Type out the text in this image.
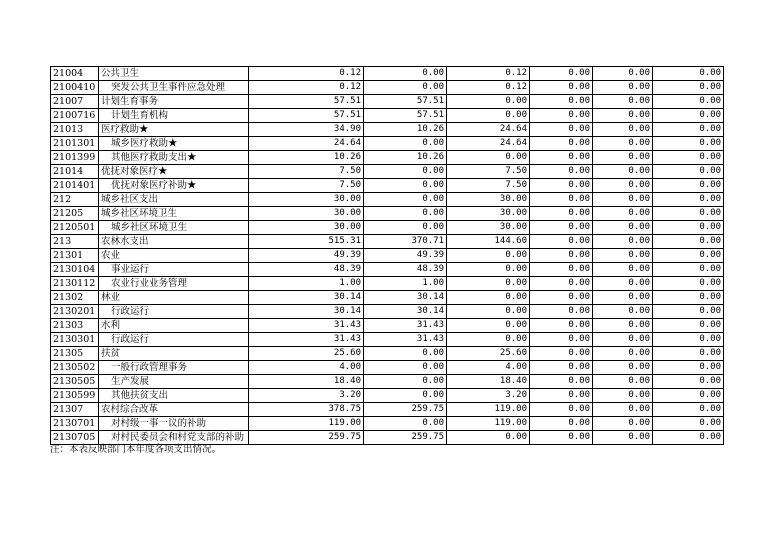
21004	公共卫生	0.12	0.00	0.12	0.00	0.00	0.00
2100410	突发公共卫生事件应急处理	0.12	0.00	0.12	0.00	0.00	0.00
21007	计划生育事务	57.51	57.51	0.00	0.00	0.00	0.00
2100716	计划生育机构	57.51	57.51	0.00	0.00	0.00	0.00
21013	医疗救助★	34.90	10.26	24.64	0.00	0.00	0.00
2101301	城乡医疗救助★	24.64	0.00	24.64	0.00	0.00	0.00
2101399	其他医疗救助支出★	10.26	10.26	0.00	0.00	0.00	0.00
21014	优抚对象医疗★	7.50	0.00	7.50	0.00	0.00	0.00
2101401	优抚对象医疗补助★	7.50	0.00	7.50	0.00	0.00	0.00
212	城乡社区支出	30.00	0.00	30.00	0.00	0.00	0.00
21205	城乡社区环境卫生	30.00	0.00	30.00	0.00	0.00	0.00
2120501	城乡社区环境卫生	30.00	0.00	30.00	0.00	0.00	0.00
213	农林水支出	515.31	370.71	144.60	0.00	0.00	0.00
21301	农业	49.39	49.39	0.00	0.00	0.00	0.00
2130104	事业运行	48.39	48.39	0.00	0.00	0.00	0.00
2130112	农业行业业务管理	1.00	1.00	0.00	0.00	0.00	0.00
21302	林业	30.14	30.14	0.00	0.00	0.00	0.00
2130201	行政运行	30.14	30.14	0.00	0.00	0.00	0.00
21303	水利	31.43	31.43	0.00	0.00	0.00	0.00
2130301	行政运行	31.43	31.43	0.00	0.00	0.00	0.00
21305	扶贫	25.60	0.00	25.60	0.00	0.00	0.00
2130502	一般行政管理事务	4.00	0.00	4.00	0.00	0.00	0.00
2130505	生产发展	18.40	0.00	18.40	0.00	0.00	0.00
2130599	其他扶贫支出	3.20	0.00	3.20	0.00	0.00	0.00
21307	农村综合改革	378.75	259.75	119.00	0.00	0.00	0.00
2130701	对村级一事一议的补助	119.00	0.00	119.00	0.00	0.00	0.00
2130705	对村民委员会和村党支部的补助	259.75	259.75	0.00	0.00	0.00	0.00
注：本表反映部门本年度各项支出情况。
